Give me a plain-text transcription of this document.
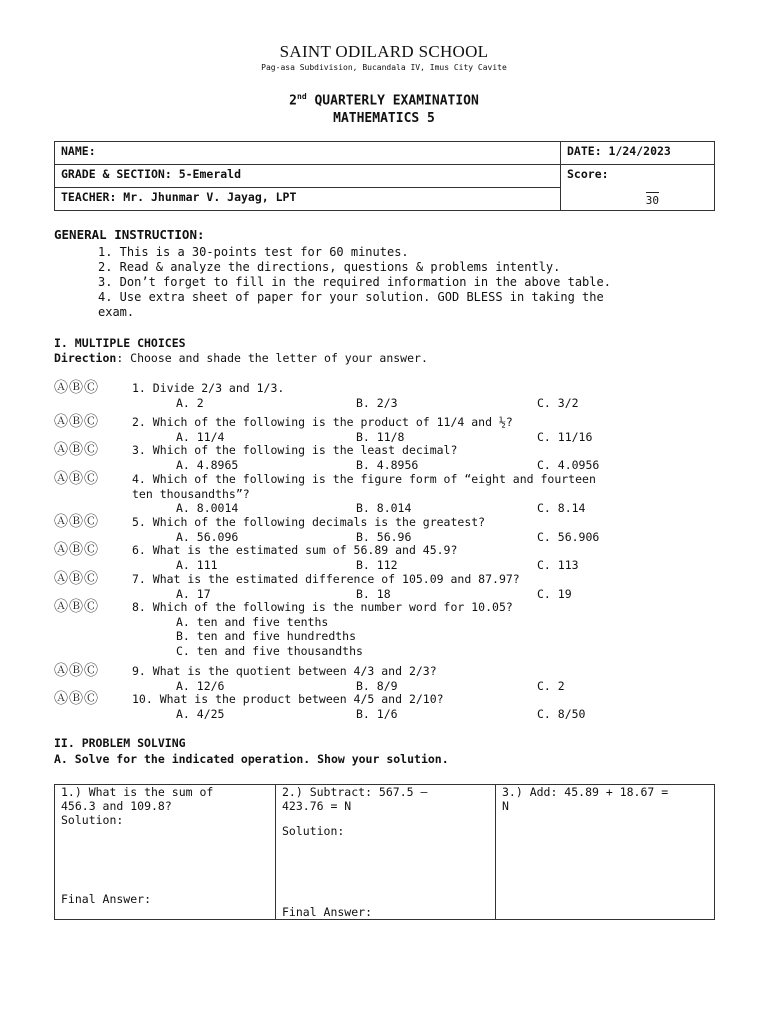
SAINT ODILARD SCHOOL
Pag-asa Subdivision, Bucandala IV, Imus City Cavite
2nd QUARTERLY EXAMINATION
MATHEMATICS 5
NAME:	DATE: 1/24/2023
GRADE & SECTION: 5-Emerald	Score:
30

TEACHER: Mr. Jhunmar V. Jayag, LPT	
GENERAL INSTRUCTION:
1. This is a 30-points test for 60 minutes.
2. Read & analyze the directions, questions & problems intently.
3. Don’t forget to fill in the required information in the above table.
4. Use extra sheet of paper for your solution. GOD BLESS in taking the
exam.
I. MULTIPLE CHOICES
Direction: Choose and shade the letter of your answer.
ⒶⒷⒸ	1. Divide 2/3 and 1/3.
A. 2	B. 2/3	C. 3/2
ⒶⒷⒸ	2. Which of the following is the product of 11/4 and ½?
A. 11/4	B. 11/8	C. 11/16
ⒶⒷⒸ	3. Which of the following is the least decimal?
A. 4.8965	B. 4.8956	C. 4.0956
ⒶⒷⒸ	4. Which of the following is the figure form of “eight and fourteen
ten thousandths”?
A. 8.0014	B. 8.014	C. 8.14
ⒶⒷⒸ	5. Which of the following decimals is the greatest?
A. 56.096	B. 56.96	C. 56.906
ⒶⒷⒸ	6. What is the estimated sum of 56.89 and 45.9?
A. 111	B. 112	C. 113
ⒶⒷⒸ	7. What is the estimated difference of 105.09 and 87.97?
A. 17	B. 18	C. 19
ⒶⒷⒸ	8. Which of the following is the number word for 10.05?
A. ten and five tenths
B. ten and five hundredths
C. ten and five thousandths
ⒶⒷⒸ	9. What is the quotient between 4/3 and 2/3?
A. 12/6	B. 8/9	C. 2
ⒶⒷⒸ	10. What is the product between 4/5 and 2/10?
A. 4/25	B. 1/6	C. 8/50
II. PROBLEM SOLVING
A. Solve for the indicated operation. Show your solution.
1.) What is the sum of
456.3 and 109.8?
Solution:
Final Answer:

2.) Subtract: 567.5 –
423.76 = N
Solution:
Final Answer:

3.) Add: 45.89 + 18.67 =
N
